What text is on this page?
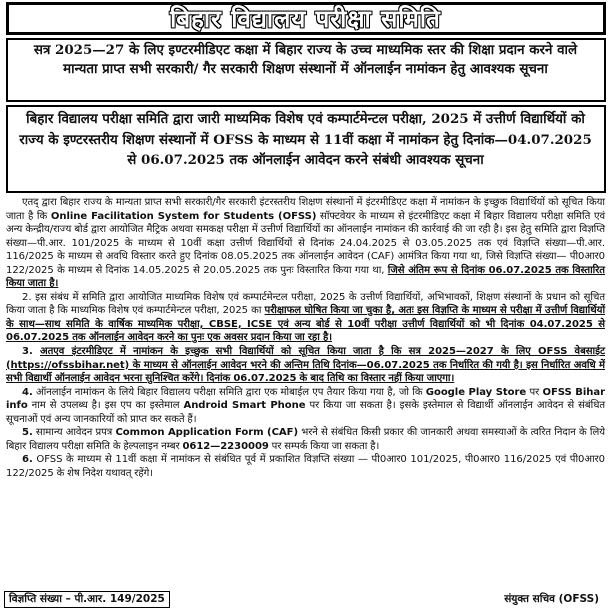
बिहार विद्यालय परीक्षा समिति
सत्र 2025—27 के लिए इण्टरमीडिएट कक्षा में बिहार राज्य के उच्च माध्यमिक स्तर की शिक्षा प्रदान करने वाले मान्यता प्राप्त सभी सरकारी/ गैर सरकारी शिक्षण संस्थानों में ऑनलाईन नामांकन हेतु आवश्यक सूचना
बिहार विद्यालय परीक्षा समिति द्वारा जारी माध्यमिक विशेष एवं कम्पार्टमेन्टल परीक्षा, 2025 में उत्तीर्ण विद्यार्थियों को राज्य के इण्टरस्तरीय शिक्षण संस्थानों में OFSS के माध्यम से 11वीं कक्षा में नामांकन हेतु दिनांक—04.07.2025 से 06.07.2025 तक ऑनलाईन आवेदन करने संबंधी आवश्यक सूचना

एतद् द्वारा बिहार राज्य के मान्यता प्राप्त सभी सरकारी/गैर सरकारी इंटरस्तरीय शिक्षण संस्थानों में इंटरमीडिएट कक्षा में नामांकन के इच्छुक विद्यार्थियों को सूचित किया जाता है कि Online Facilitation System for Students (OFSS) सॉफ्टवेयर के माध्यम से इंटरमीडिएट कक्षा में बिहार विद्यालय परीक्षा समिति एवं अन्य केन्द्रीय/राज्य बोर्ड द्वारा आयोजित मैट्रिक अथवा समकक्ष परीक्षा में उत्तीर्ण विद्यार्थियों का ऑनलाईन नामांकन की कार्रवाई की जा रही है। इस हेतु समिति द्वारा विज्ञप्ति संख्या—पी.आर. 101/2025 के माध्यम से 10वीं कक्षा उत्तीर्ण विद्यार्थियों से दिनांक 24.04.2025 से 03.05.2025 तक एवं विज्ञप्ति संख्या—पी.आर. 116/2025 के माध्यम से अवधि विस्तार करते हुए दिनांक 08.05.2025 तक ऑनलाईन आवेदन (CAF) आमंत्रित किया गया था, जिसे विज्ञप्ति संख्या— पी0आर0 122/2025 के माध्यम से दिनांक 14.05.2025 से 20.05.2025 तक पुनः विस्तारित किया गया था, जिसे अंतिम रूप से दिनांक 06.07.2025 तक विस्तारित किया जाता है।

2. इस संबंध में समिति द्वारा आयोजित माध्यमिक विशेष एवं कम्पार्टमेन्टल परीक्षा, 2025 के उत्तीर्ण विद्यार्थियों, अभिभावकों, शिक्षण संस्थानों के प्रधान को सूचित किया जाता है कि माध्यमिक विशेष एवं कम्पार्टमेन्टल परीक्षा, 2025 का परीक्षाफल घोषित किया जा चुका है, अतः इस विज्ञप्ति के माध्यम से परीक्षा में उत्तीर्ण विद्यार्थियों के साथ—साथ समिति के वार्षिक माध्यमिक परीक्षा, CBSE, ICSE एवं अन्य बोर्ड से 10वीं परीक्षा उत्तीर्ण विद्यार्थियों को भी दिनांक 04.07.2025 से 06.07.2025 तक ऑनलाईन आवेदन करने का पुनः एक अवसर प्रदान किया जा रहा है।

3. अतएव इंटरमीडिएट में नामांकन के इच्छुक सभी विद्यार्थियों को सूचित किया जाता है कि सत्र 2025—2027 के लिए OFSS वेबसाईट (https://ofssbihar.net) के माध्यम से ऑनलाईन आवेदन भरने की अन्तिम तिथि दिनांक—06.07.2025 तक निर्धारित की गयी है। इस निर्धारित अवधि में सभी विद्यार्थी ऑनलाईन आवेदन भरना सुनिश्चित करेंगे। दिनांक 06.07.2025 के बाद तिथि का विस्तार नहीं किया जाएगा।

4. ऑनलाईन नामांकन के लिये बिहार विद्यालय परीक्षा समिति द्वारा एक मोबाईल एप तैयार किया गया है, जो कि Google Play Store पर OFSS Bihar info नाम से उपलब्ध है। इस एप का इस्तेमाल Android Smart Phone पर किया जा सकता है। इसके इस्तेमाल से विद्यार्थी ऑनलाईन आवेदन से संबंधित सूचनाओं एवं अन्य जानकारियों को प्राप्त कर सकते हैं।

5. सामान्य आवेदन प्रपत्र Common Application Form (CAF) भरने से संबंधित किसी प्रकार की जानकारी अथवा समस्याओं के त्वरित निदान के लिये बिहार विद्यालय परीक्षा समिति के हेल्पलाइन नम्बर 0612—2230009 पर सम्पर्क किया जा सकता है।

6. OFSS के माध्यम से 11वीं कक्षा में नामांकन से संबंधित पूर्व में प्रकाशित विज्ञप्ति संख्या — पी0आर0 101/2025, पी0आर0 116/2025 एवं पी0आर0 122/2025 के शेष निदेश यथावत् रहेंगे।

विज्ञप्ति संख्या – पी.आर. 149/2025	संयुक्त सचिव (OFSS)
